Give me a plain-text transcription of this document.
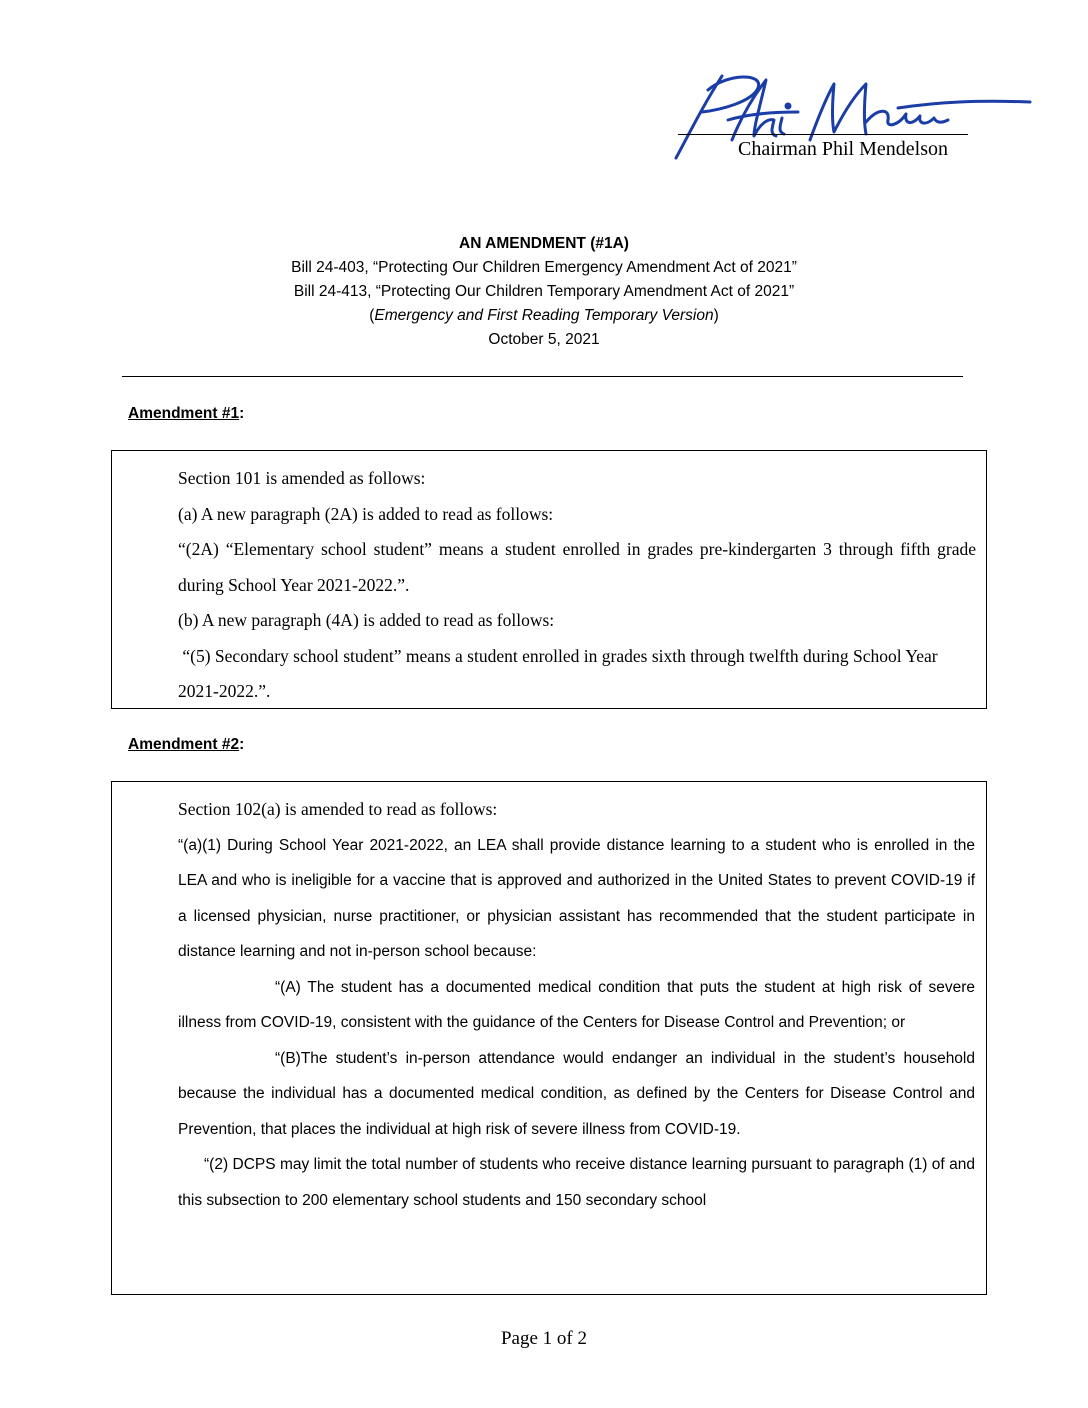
Chairman Phil Mendelson
AN AMENDMENT (#1A)
Bill 24-403, “Protecting Our Children Emergency Amendment Act of 2021”
Bill 24-413, “Protecting Our Children Temporary Amendment Act of 2021”
(Emergency and First Reading Temporary Version)
October 5, 2021
Amendment #1:

Section 101 is amended as follows:

(a) A new paragraph (2A) is added to read as follows:

“(2A) “Elementary school student” means a student enrolled in grades pre-kindergarten 3 through fifth grade during School Year 2021-2022.”.

(b) A new paragraph (4A) is added to read as follows:

“(5) Secondary school student” means a student enrolled in grades sixth through twelfth during School Year 2021-2022.”.

Amendment #2:

Section 102(a) is amended to read as follows:

“(a)(1) During School Year 2021-2022, an LEA shall provide distance learning to a student who is enrolled in the LEA and who is ineligible for a vaccine that is approved and authorized in the United States to prevent COVID-19 if a licensed physician, nurse practitioner, or physician assistant has recommended that the student participate in distance learning and not in-person school because:

“(A) The student has a documented medical condition that puts the student at high risk of severe illness from COVID-19, consistent with the guidance of the Centers for Disease Control and Prevention; or

“(B)The student’s in-person attendance would endanger an individual in the student’s household because the individual has a documented medical condition, as defined by the Centers for Disease Control and Prevention, that places the individual at high risk of severe illness from COVID-19.

“(2) DCPS may limit the total number of students who receive distance learning pursuant to paragraph (1) of and this subsection to 200 elementary school students and 150 secondary school

Page 1 of 2
